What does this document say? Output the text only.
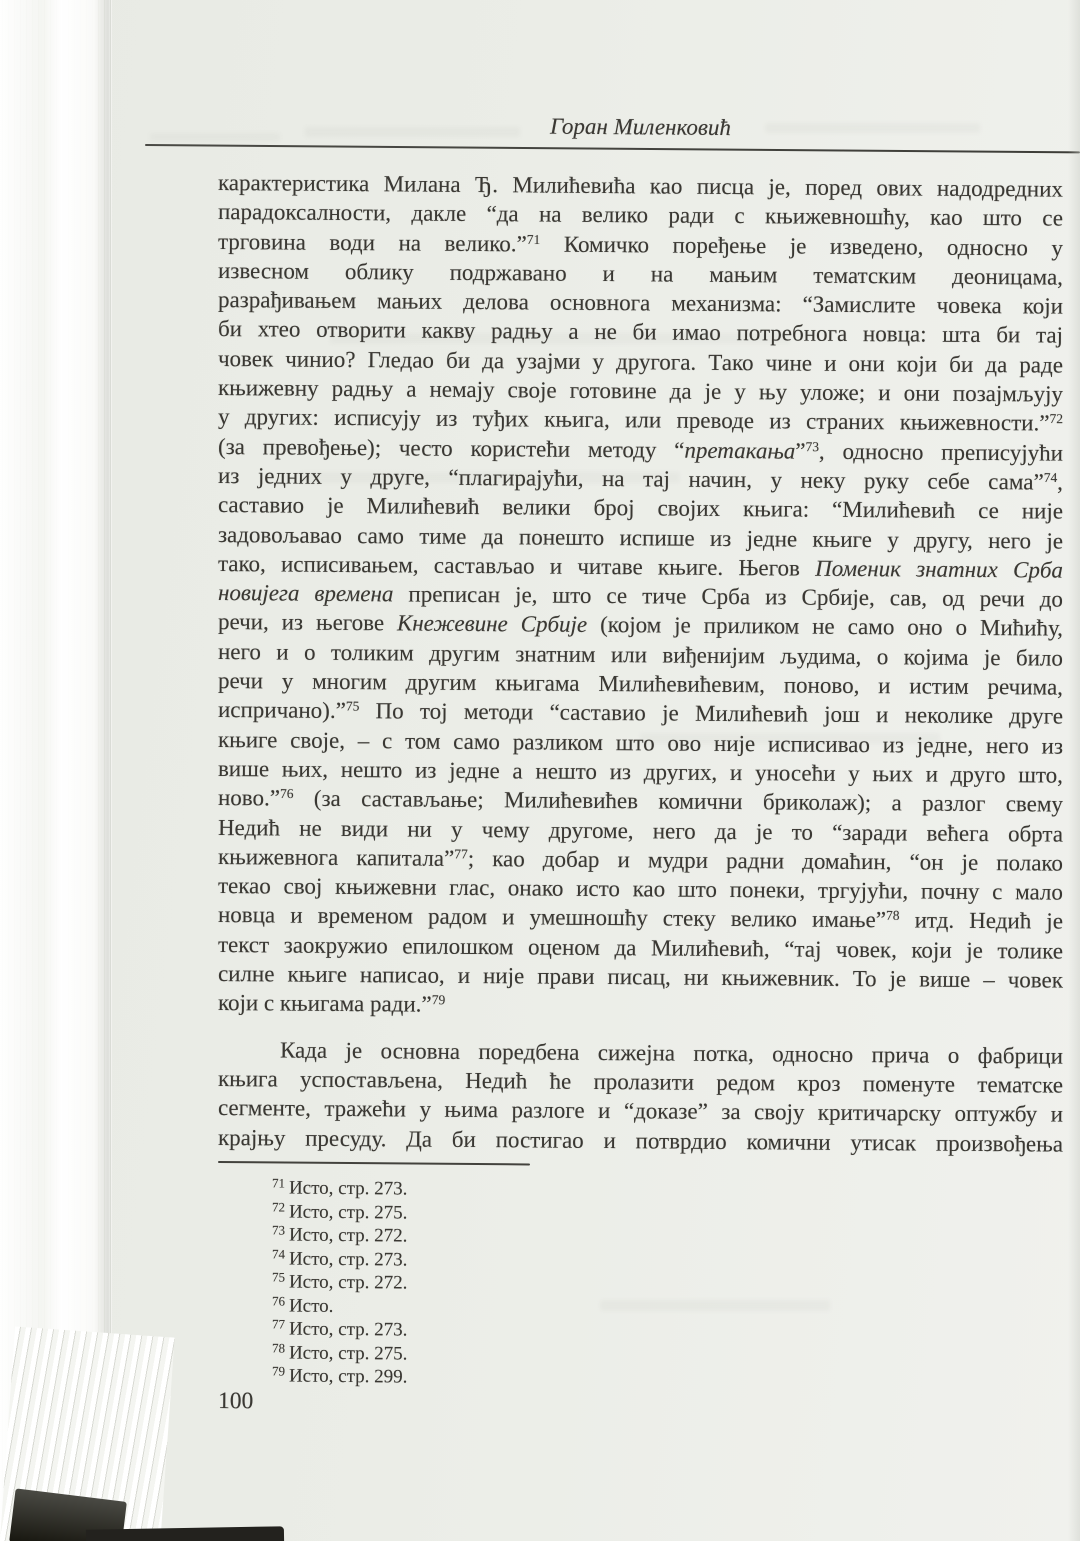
Горан Миленковић
карактеристика Милана Ђ. Милићевића као писца је, поред ових надодредних
парадоксалности, дакле “да на велико ради с књижевношћу, као што се
трговина води на велико.”$^{71}$ Комичко поређење је изведено, односно у
извесном облику подржавано и на мањим тематским деоницама,
разрађивањем мањих делова основнога механизма: “Замислите човека који
би хтео отворити какву радњу а не би имао потребнога новца: шта би тај
човек чинио? Гледао би да узајми у другога. Тако чине и они који би да раде
књижевну радњу а немају своје готовине да је у њу уложе; и они позајмљују
у других: исписују из туђих књига, или преводе из страних књижевности.”$^{72}$
(за превођење); често користећи методу “претакања”$^{73}$, односно преписујући
из једних у друге, “плагирајући, на тај начин, у неку руку себе сама”$^{74}$,
саставио је Милићевић велики број својих књига: “Милићевић се није
задовољавао само тиме да понешто испише из једне књиге у другу, него је
тако, исписивањем, састављао и читаве књиге. Његов Поменик знатних Срба
новијега времена преписан је, што се тиче Срба из Србије, сав, од речи до
речи, из његове Кнежевине Србије (којом је приликом не само оно о Мићићу,
него и о толиким другим знатним или виђенијим људима, о којима је било
речи у многим другим књигама Милићевићевим, поново, и истим речима,
испричано).”$^{75}$ По тој методи “саставио је Милићевић још и неколике друге
књиге своје, – с том само разликом што ово није исписивао из једне, него из
више њих, нешто из једне а нешто из других, и уносећи у њих и друго што,
ново.”$^{76}$ (за састављање; Милићевићев комични бриколаж); а разлог свему
Недић не види ни у чему другоме, него да је то “заради већега обрта
књижевнога капитала”$^{77}$; као добар и мудри радни домаћин, “он је полако
текао свој књижевни глас, онако исто као што понеки, тргујући, почну с мало
новца и временом радом и умешношћу стеку велико имање”$^{78}$ итд. Недић је
текст заокружио епилошком оценом да Милићевић, “тај човек, који је толике
силне књиге написао, и није прави писац, ни књижевник. То је више – човек
који с књигама ради.”$^{79}$
Када је основна поредбена сижејна потка, односно прича о фабрици
књига успостављена, Недић ће пролазити редом кроз поменуте тематске
сегменте, тражећи у њима разлоге и “доказе” за своју критичарску оптужбу и
крајњу пресуду. Да би постигао и потврдио комични утисак произвођења
$^{71}$ Исто, стр. 273.
$^{72}$ Исто, стр. 275.
$^{73}$ Исто, стр. 272.
$^{74}$ Исто, стр. 273.
$^{75}$ Исто, стр. 272.
$^{76}$ Исто.
$^{77}$ Исто, стр. 273.
$^{78}$ Исто, стр. 275.
$^{79}$ Исто, стр. 299.
100
